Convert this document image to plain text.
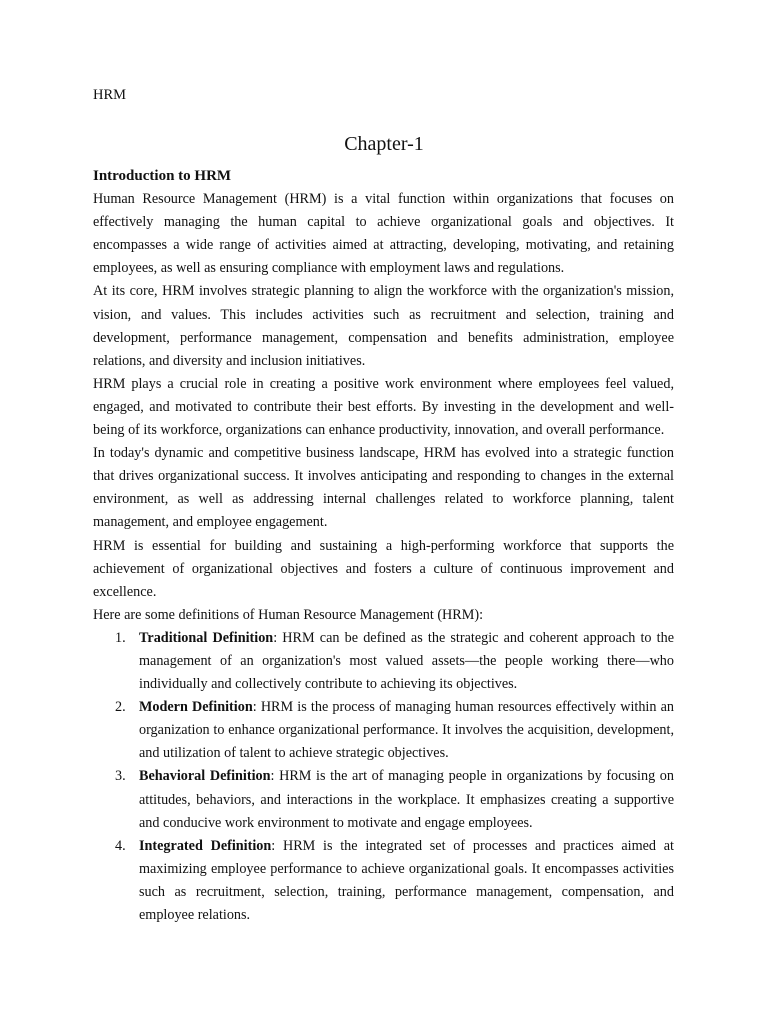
HRM
Chapter-1

Introduction to HRM

Human Resource Management (HRM) is a vital function within organizations that focuses on effectively managing the human capital to achieve organizational goals and objectives. It encompasses a wide range of activities aimed at attracting, developing, motivating, and retaining employees, as well as ensuring compliance with employment laws and regulations.

At its core, HRM involves strategic planning to align the workforce with the organization's mission, vision, and values. This includes activities such as recruitment and selection, training and development, performance management, compensation and benefits administration, employee relations, and diversity and inclusion initiatives.

HRM plays a crucial role in creating a positive work environment where employees feel valued, engaged, and motivated to contribute their best efforts. By investing in the development and well-being of its workforce, organizations can enhance productivity, innovation, and overall performance.

In today's dynamic and competitive business landscape, HRM has evolved into a strategic function that drives organizational success. It involves anticipating and responding to changes in the external environment, as well as addressing internal challenges related to workforce planning, talent management, and employee engagement.

HRM is essential for building and sustaining a high-performing workforce that supports the achievement of organizational objectives and fosters a culture of continuous improvement and excellence.

Here are some definitions of Human Resource Management (HRM):

1. Traditional Definition: HRM can be defined as the strategic and coherent approach to the management of an organization's most valued assets—the people working there—who individually and collectively contribute to achieving its objectives.
2. Modern Definition: HRM is the process of managing human resources effectively within an organization to enhance organizational performance. It involves the acquisition, development, and utilization of talent to achieve strategic objectives.
3. Behavioral Definition: HRM is the art of managing people in organizations by focusing on attitudes, behaviors, and interactions in the workplace. It emphasizes creating a supportive and conducive work environment to motivate and engage employees.
4. Integrated Definition: HRM is the integrated set of processes and practices aimed at maximizing employee performance to achieve organizational goals. It encompasses activities such as recruitment, selection, training, performance management, compensation, and employee relations.
